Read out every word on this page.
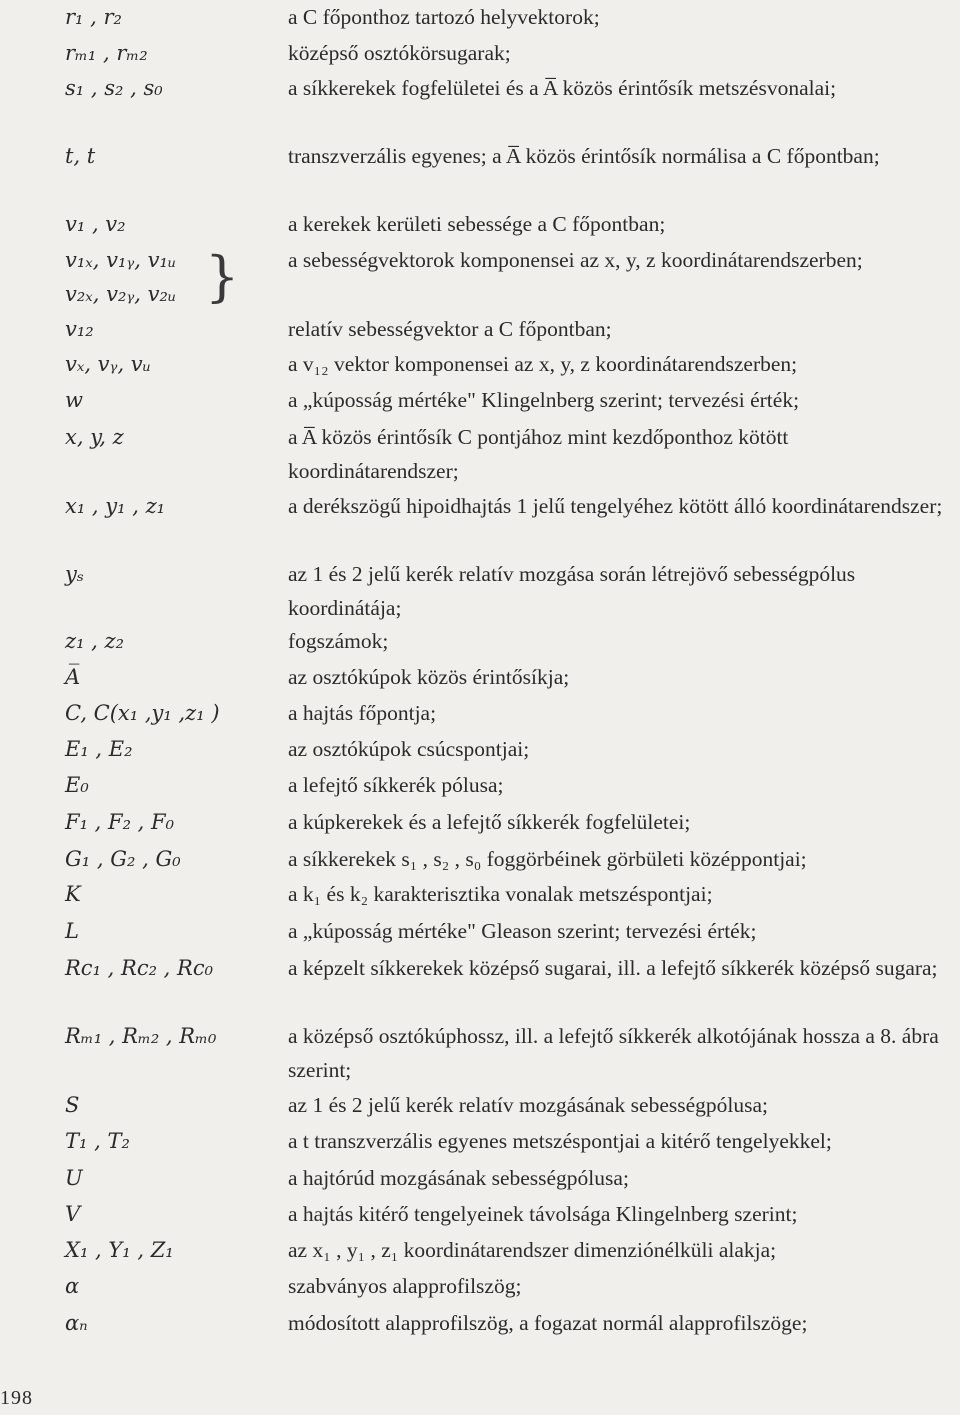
r₁ , r₂	a C főponthoz tartozó helyvektorok;
rₘ₁ , rₘ₂	középső osztókörsugarak;
s₁ , s₂ , s₀	a síkkerekek fogfelületei és a A̅ közös érintősík metszésvonalai;
t, t	transzverzális egyenes; a A̅ közös érintősík normálisa a C főpontban;
v₁ , v₂	a kerekek kerületi sebessége a C főpontban;
v₁ₓ, v₁ᵧ, v₁ᵤ	a sebességvektorok komponensei az x, y, z koordinátarendszerben;
v₂ₓ, v₂ᵧ, v₂ᵤ }
v₁₂	relatív sebességvektor a C főpontban;
vₓ, vᵧ, vᵤ	a v₁₂ vektor komponensei az x, y, z koordinátarendszerben;
w	a „kúposság mértéke" Klingelnberg szerint; tervezési érték;
x, y, z	a A̅ közös érintősík C pontjához mint kezdőponthoz kötött koordinátarendszer;
x₁ , y₁ , z₁	a derékszögű hipoidhajtás 1 jelű tengelyéhez kötött álló koordinátarendszer;
yₛ	az 1 és 2 jelű kerék relatív mozgása során létrejövő sebességpólus koordinátája;
z₁ , z₂	fogszámok;
A̅	az osztókúpok közös érintősíkja;
C, C(x₁ ,y₁ ,z₁ )	a hajtás főpontja;
E₁ , E₂	az osztókúpok csúcspontjai;
E₀	a lefejtő síkkerék pólusa;
F₁ , F₂ , F₀	a kúpkerekek és a lefejtő síkkerék fogfelületei;
G₁ , G₂ , G₀	a síkkerekek s₁ , s₂ , s₀ foggörbéinek görbületi középpontjai;
K	a k₁ és k₂ karakterisztika vonalak metszéspontjai;
L	a „kúposság mértéke" Gleason szerint; tervezési érték;
Rc₁ , Rc₂ , Rc₀	a képzelt síkkerekek középső sugarai, ill. a lefejtő síkkerék középső sugara;
Rₘ₁ , Rₘ₂ , Rₘ₀	a középső osztókúphossz, ill. a lefejtő síkkerék alkotójának hossza a 8. ábra szerint;
S	az 1 és 2 jelű kerék relatív mozgásának sebességpólusa;
T₁ , T₂	a t transzverzális egyenes metszéspontjai a kitérő tengelyekkel;
U	a hajtórúd mozgásának sebességpólusa;
V	a hajtás kitérő tengelyeinek távolsága Klingelnberg szerint;
X₁ , Y₁ , Z₁	az x₁ , y₁ , z₁ koordinátarendszer dimenziónélküli alakja;
α	szabványos alapprofilszög;
αₙ	módosított alapprofilszög, a fogazat normál alapprofilszöge;
198
